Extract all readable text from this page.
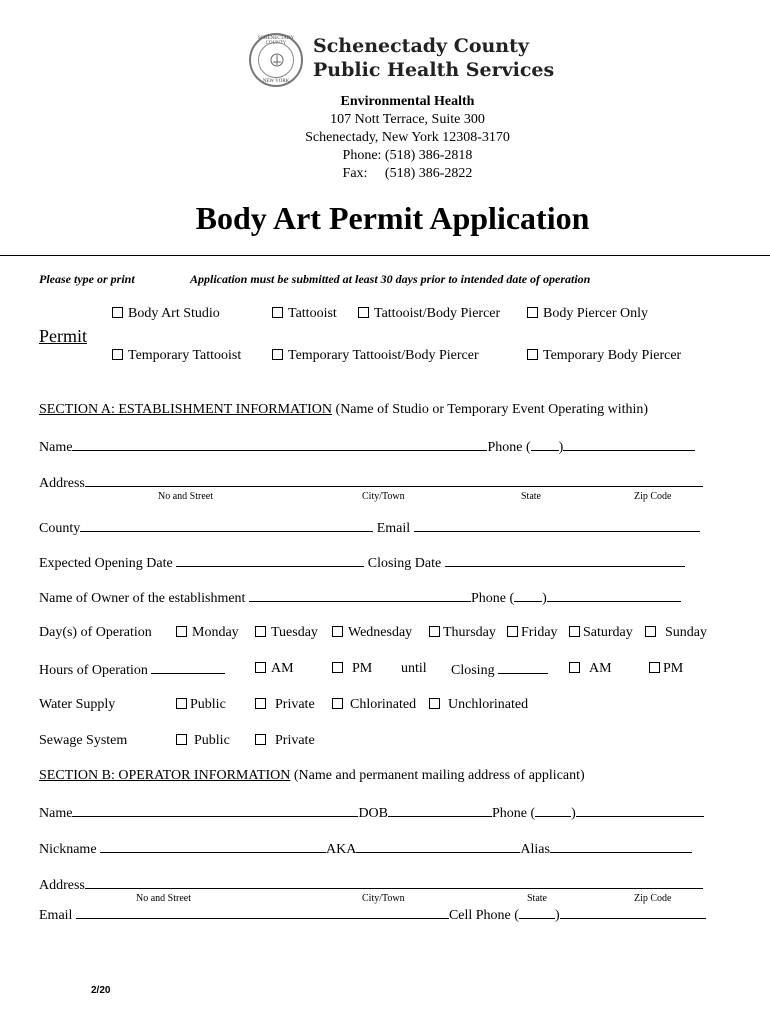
SCHENECTADY COUNTY
NEW YORK
Schenectady County
Public Health Services
Environmental Health
107 Nott Terrace, Suite 300
Schenectady, New York 12308-3170
Phone: (518) 386-2818
Fax:     (518) 386-2822
Body Art Permit Application
Please type or print	Application must be submitted at least 30 days prior to intended date of operation
Permit
Body Art Studio	Tattooist	Tattooist/Body Piercer	Body Piercer Only
Temporary Tattooist	Temporary Tattooist/Body Piercer	Temporary Body Piercer
SECTION A: ESTABLISHMENT INFORMATION (Name of Studio or Temporary Event Operating within)
Name	Phone ( )
Address
No and Street	City/Town	State	Zip Code
County	Email
Expected Opening Date	Closing Date
Name of Owner of the establishment	Phone ( )
Day(s) of Operation	Monday	Tuesday	Wednesday	Thursday	Friday	Saturday	Sunday
Hours of Operation	AM	PM until Closing	AM	PM
Water Supply	Public	Private	Chlorinated	Unchlorinated
Sewage System	Public	Private
SECTION B: OPERATOR INFORMATION (Name and permanent mailing address of applicant)
Name	DOB	Phone (	)
Nickname	AKA	Alias
Address
No and Street	City/Town	State	Zip Code
Email	Cell Phone (	)
2/20
